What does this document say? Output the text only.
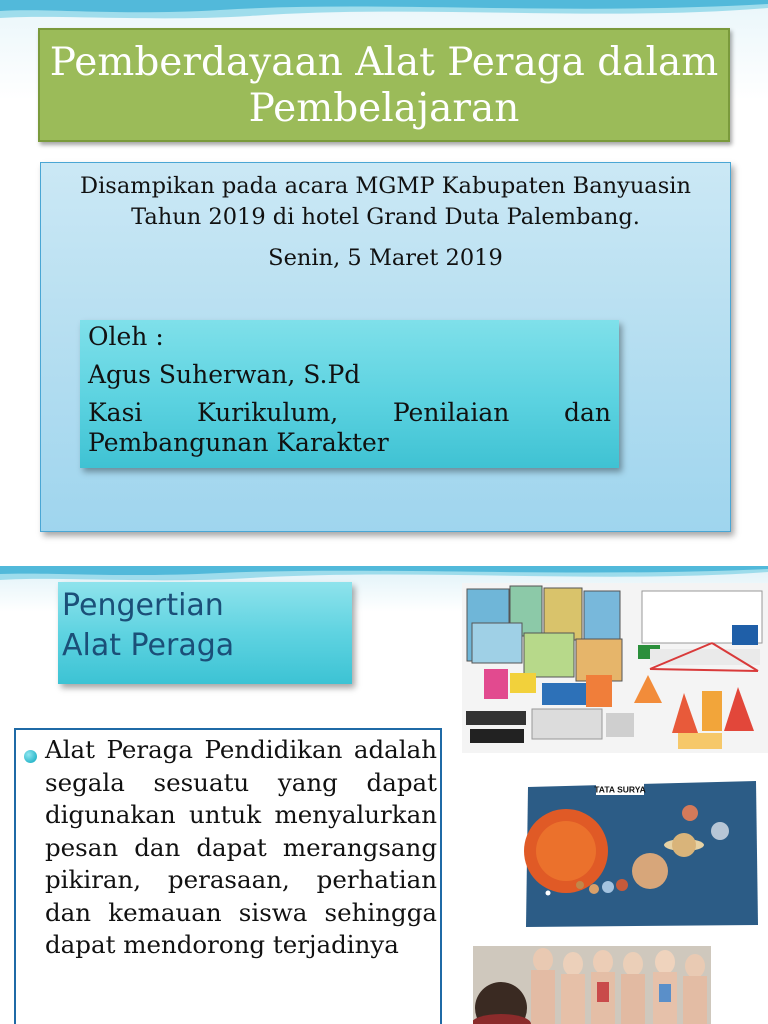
Pemberdayaan Alat Peraga dalam
Pembelajaran
Disampikan pada acara MGMP Kabupaten Banyuasin
Tahun 2019 di hotel Grand Duta Palembang.
Senin, 5 Maret 2019
Oleh :
Agus Suherwan, S.Pd
Kasi Kurikulum, Penilaian dan
Pembangunan Karakter
Pengertian
Alat Peraga
Alat Peraga Pendidikan adalah segala sesuatu yang dapat digunakan untuk menyalurkan pesan dan dapat merangsang pikiran, perasaan, perhatian dan kemauan siswa sehingga dapat mendorong terjadinya
TATA SURYA
